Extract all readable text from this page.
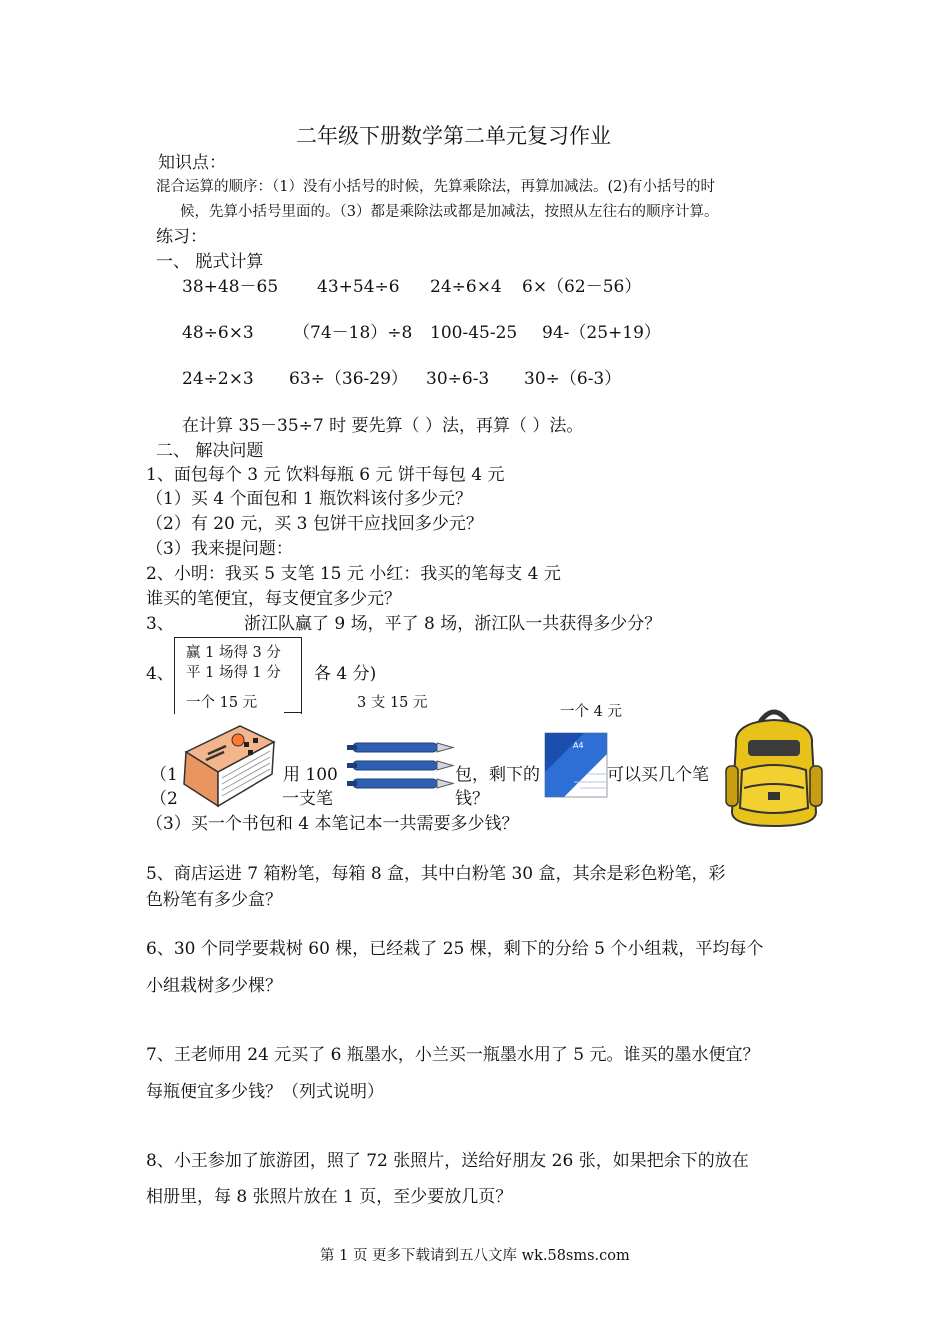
二年级下册数学第二单元复习作业
知识点：
混合运算的顺序：（1）没有小括号的时候，先算乘除法，再算加减法。(2)有小括号的时
候，先算小括号里面的。（3）都是乘除法或都是加减法，按照从左往右的顺序计算。
练习：
一、 脱式计算
38+48－65 43+54÷6 24÷6×4 6×（62－56）
48÷6×3 （74－18）÷8 100-45-25 94-（25+19）
24÷2×3 63÷（36-29） 30÷6-3 30÷（6-3）
在计算 35－35÷7 时 要先算（ ）法，再算（ ）法。
二、 解决问题
1、面包每个 3 元 饮料每瓶 6 元 饼干每包 4 元
（1）买 4 个面包和 1 瓶饮料该付多少元？
（2）有 20 元，买 3 包饼干应找回多少元？
（3）我来提问题：
2、小明：我买 5 支笔 15 元 小红：我买的笔每支 4 元
谁买的笔便宜，每支便宜多少元？
3、	浙江队赢了 9 场，平了 8 场，浙江队一共获得多少分？
赢 1 场得 3 分
平 1 场得 1 分
4、	各 4 分)
一个 15 元	3 支 15 元
一个 4 元
（1	用 100	包，剩下的	可以买几个笔
（2	一支笔	钱？
（3）买一个书包和 4 本笔记本一共需要多少钱？
A4
5、商店运进 7 箱粉笔，每箱 8 盒，其中白粉笔 30 盒，其余是彩色粉笔，彩
色粉笔有多少盒？
6、30 个同学要栽树 60 棵，已经栽了 25 棵，剩下的分给 5 个小组栽，平均每个
小组栽树多少棵？
7、王老师用 24 元买了 6 瓶墨水，小兰买一瓶墨水用了 5 元。谁买的墨水便宜？
每瓶便宜多少钱？（列式说明）
8、小王参加了旅游团，照了 72 张照片，送给好朋友 26 张，如果把余下的放在
相册里，每 8 张照片放在 1 页，至少要放几页？
第 1 页 更多下载请到五八文库 wk.58sms.com
